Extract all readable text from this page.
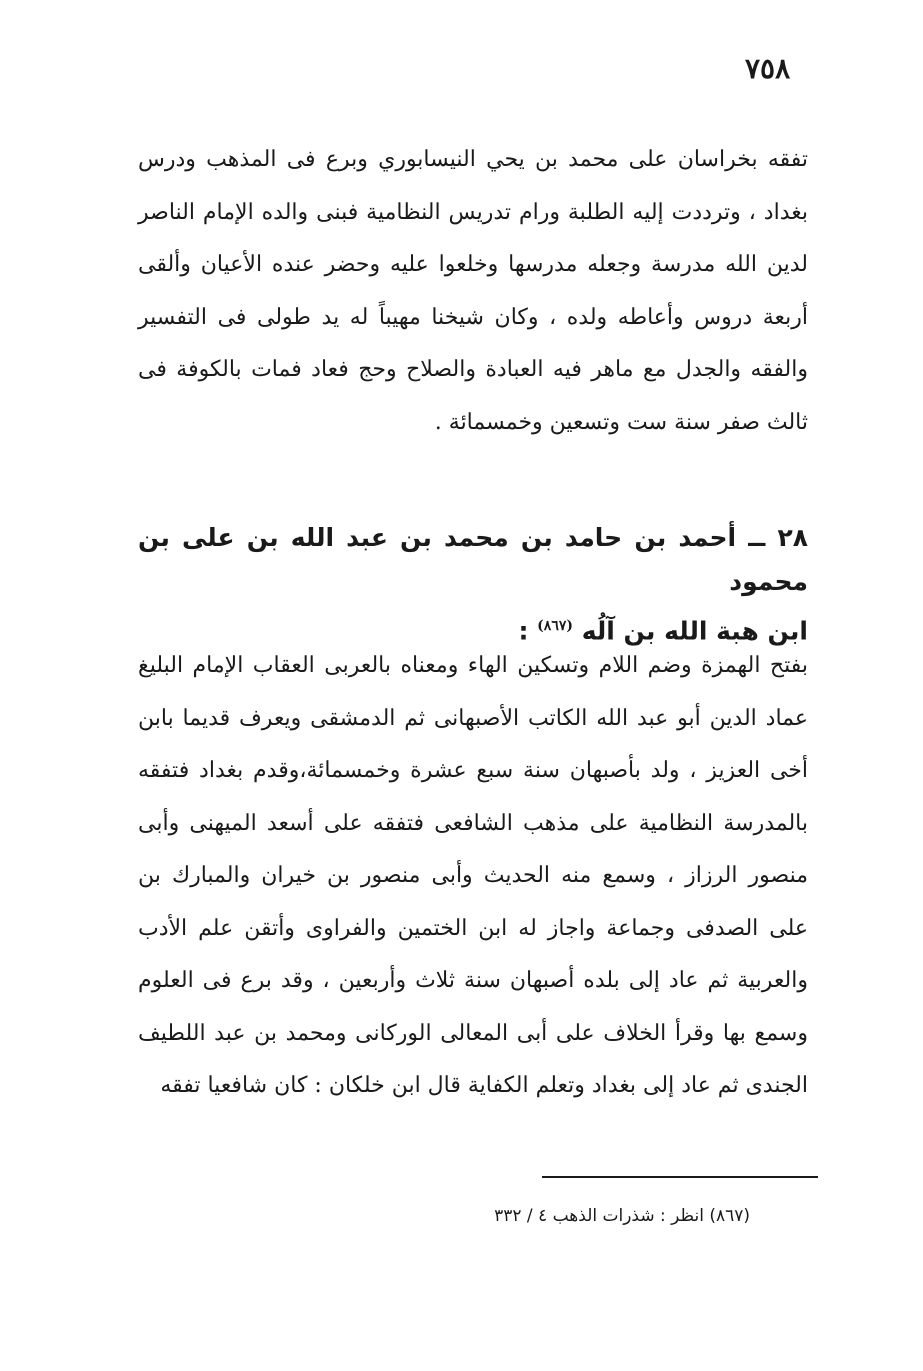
٧٥٨

تفقه بخراسان على محمد بن يحي النيسابوري وبرع فى المذهب ودرس بغداد ، وترددت إليه الطلبة ورام تدريس النظامية فبنى والده الإمام الناصر لدين الله مدرسة وجعله مدرسها وخلعوا عليه وحضر عنده الأعيان وألقى أربعة دروس وأعاطه ولده ، وكان شيخنا مهيباً له يد طولى فى التفسير والفقه والجدل مع ماهر فيه العبادة والصلاح وحج فعاد فمات بالكوفة فى ثالث صفر سنة ست وتسعين وخمسمائة .

٢٨ ــ أحمد بن حامد بن محمد بن عبد الله بن على بن محمود
ابن هبة الله بن آلُه $^{(٨٦٧)}$ :

بفتح الهمزة وضم اللام وتسكين الهاء ومعناه بالعربى العقاب الإمام البليغ عماد الدين أبو عبد الله الكاتب الأصبهانى ثم الدمشقى ويعرف قديما بابن أخى العزيز ، ولد بأصبهان سنة سبع عشرة وخمسمائة،وقدم بغداد فتفقه بالمدرسة النظامية على مذهب الشافعى فتفقه على أسعد الميهنى وأبى منصور الرزاز ، وسمع منه الحديث وأبى منصور بن خيران والمبارك بن على الصدفى وجماعة واجاز له ابن الختمين والفراوى وأتقن علم الأدب والعربية ثم عاد إلى بلده أصبهان سنة ثلاث وأربعين ، وقد برع فى العلوم وسمع بها وقرأ الخلاف على أبى المعالى الوركانى ومحمد بن عبد اللطيف الجندى ثم عاد إلى بغداد وتعلم الكفاية قال ابن خلكان : كان شافعيا تفقه

(٨٦٧) انظر : شذرات الذهب ٤ / ٣٣٢
